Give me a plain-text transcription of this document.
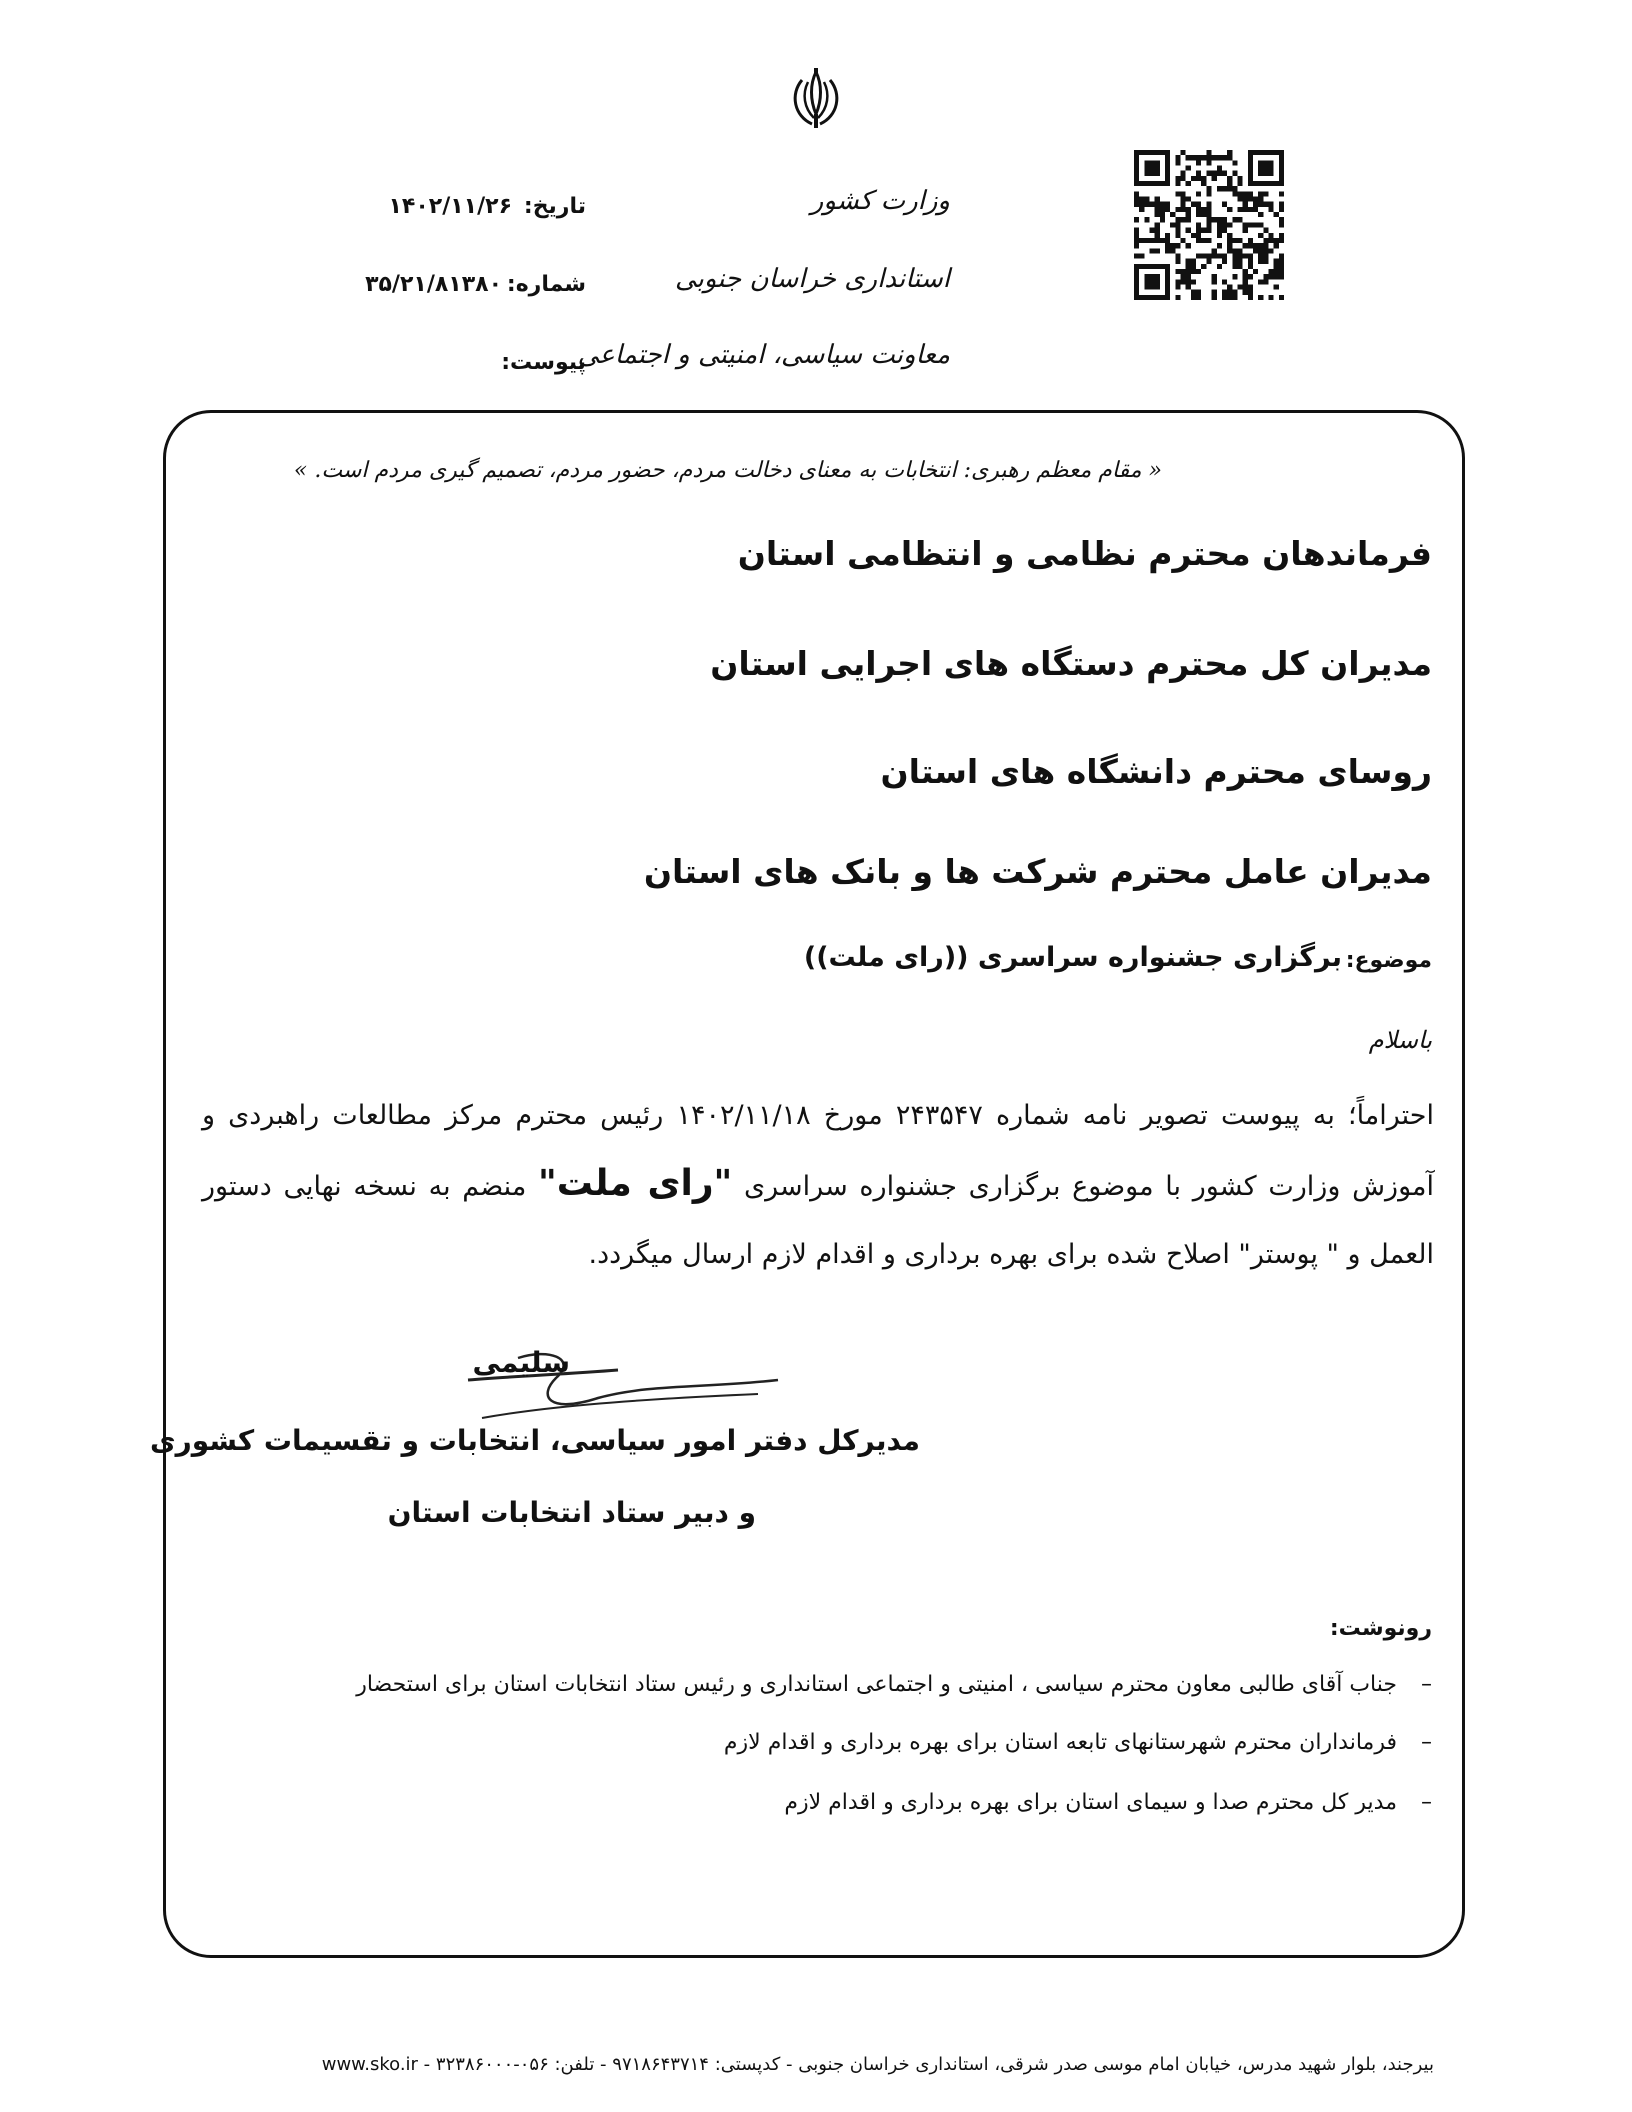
وزارت کشور
استانداری خراسان جنوبی
معاونت سیاسی، امنیتی و اجتماعی
تاریخ:
۱۴۰۲/۱۱/۲۶
شماره:
۳۵/۲۱/۸۱۳۸۰
پیوست:
« مقام معظم رهبری: انتخابات به معنای دخالت مردم، حضور مردم، تصمیم گیری مردم است. »
فرماندهان محترم نظامی و انتظامی استان
مدیران کل محترم دستگاه های اجرایی استان
روسای محترم دانشگاه های استان
مدیران عامل محترم شرکت ها و بانک های استان
موضوع:
برگزاری جشنواره سراسری ((رای ملت))
باسلام
احتراماً؛ به پیوست تصویر نامه شماره ۲۴۳۵۴۷ مورخ ۱۴۰۲/۱۱/۱۸ رئیس محترم مرکز مطالعات راهبردی و آموزش وزارت کشور با موضوع برگزاری جشنواره سراسری "رای ملت" منضم به نسخه نهایی دستور العمل و " پوستر" اصلاح شده برای بهره برداری و اقدام لازم ارسال میگردد.
سلیمی
مدیرکل دفتر امور سیاسی، انتخابات و تقسیمات کشوری
و دبیر ستاد انتخابات استان
رونوشت:
–جناب آقای طالبی معاون محترم سیاسی ، امنیتی و اجتماعی استانداری و رئیس ستاد انتخابات استان برای استحضار
–فرمانداران محترم شهرستانهای تابعه استان برای بهره برداری و اقدام لازم
–مدیر کل محترم صدا و سیمای استان برای بهره برداری و اقدام لازم
بیرجند، بلوار شهید مدرس، خیابان امام موسی صدر شرقی، استانداری خراسان جنوبی - کدپستی: ۹۷۱۸۶۴۳۷۱۴ - تلفن: ۰۵۶-۳۲۳۸۶۰۰۰ - www.sko.ir
